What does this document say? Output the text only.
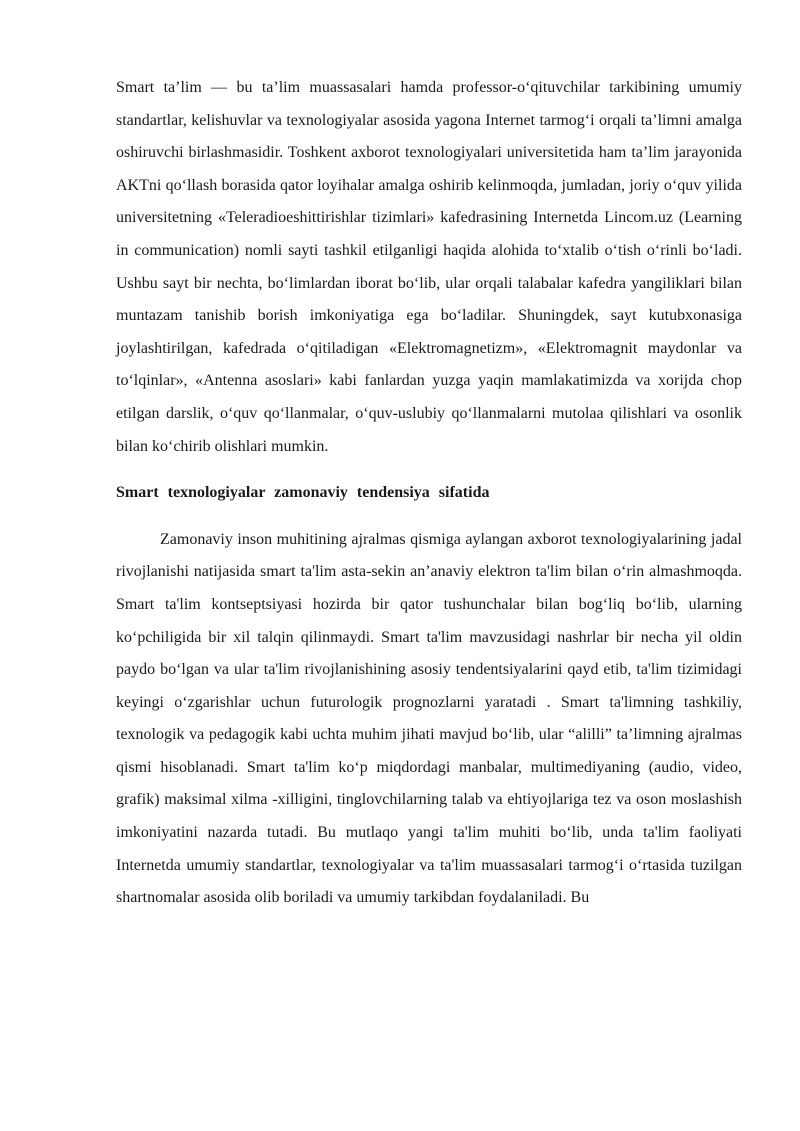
Smart ta’lim — bu ta’lim muassasalari hamda professor-o‘qituvchilar tarkibining umumiy standartlar, kelishuvlar va texnologiyalar asosida yagona Internet tarmog‘i orqali ta’limni amalga oshiruvchi birlashmasidir. Toshkent axborot texnologiyalari universitetida ham ta’lim jarayonida AKTni qo‘llash borasida qator loyihalar amalga oshirib kelinmoqda, jumladan, joriy o‘quv yilida universitetning «Teleradioeshittirishlar tizimlari» kafedrasining Internetda Lincom.uz (Learning in communication) nomli sayti tashkil etilganligi haqida alohida to‘xtalib o‘tish o‘rinli bo‘ladi. Ushbu sayt bir nechta, bo‘limlardan iborat bo‘lib, ular orqali talabalar kafedra yangiliklari bilan muntazam tanishib borish imkoniyatiga ega bo‘ladilar. Shuningdek, sayt kutubxonasiga joylashtirilgan, kafedrada o‘qitiladigan «Elektromagnetizm», «Elektromagnit maydonlar va to‘lqinlar», «Antenna asoslari» kabi fanlardan yuzga yaqin mamlakatimizda va xorijda chop etilgan darslik, o‘quv qo‘llanmalar, o‘quv-uslubiy qo‘llanmalarni mutolaa qilishlari va osonlik bilan ko‘chirib olishlari mumkin.

Smart texnologiyalar zamonaviy tendensiya sifatida

Zamonaviy inson muhitining ajralmas qismiga aylangan axborot texnologiyalarining jadal rivojlanishi natijasida smart ta'lim asta-sekin an’anaviy elektron ta'lim bilan o‘rin almashmoqda. Smart ta'lim kontseptsiyasi hozirda bir qator tushunchalar bilan bog‘liq bo‘lib, ularning ko‘pchiligida bir xil talqin qilinmaydi. Smart ta'lim mavzusidagi nashrlar bir necha yil oldin paydo bo‘lgan va ular ta'lim rivojlanishining asosiy tendentsiyalarini qayd etib, ta'lim tizimidagi keyingi o‘zgarishlar uchun futurologik prognozlarni yaratadi . Smart ta'limning tashkiliy, texnologik va pedagogik kabi uchta muhim jihati mavjud bo‘lib, ular “alilli” ta’limning ajralmas qismi hisoblanadi. Smart ta'lim ko‘p miqdordagi manbalar, multimediyaning (audio, video, grafik) maksimal xilma -xilligini, tinglovchilarning talab va ehtiyojlariga tez va oson moslashish imkoniyatini nazarda tutadi. Bu mutlaqo yangi ta'lim muhiti bo‘lib, unda ta'lim faoliyati Internetda umumiy standartlar, texnologiyalar va ta'lim muassasalari tarmog‘i o‘rtasida tuzilgan shartnomalar asosida olib boriladi va umumiy tarkibdan foydalaniladi. Bu
